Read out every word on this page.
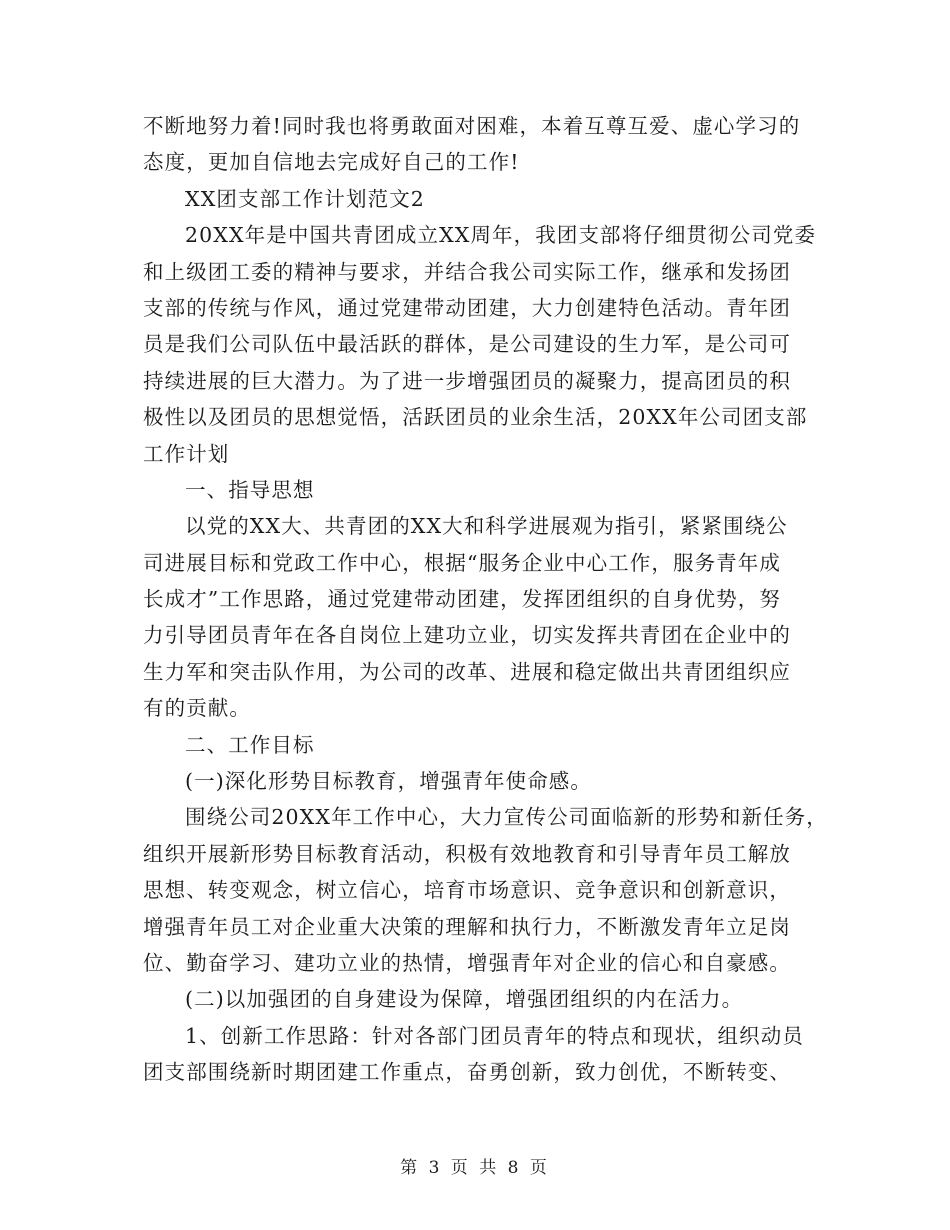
不断地努力着!同时我也将勇敢面对困难，本着互尊互爱、虚心学习的
态度，更加自信地去完成好自己的工作!
XX团支部工作计划范文2
20XX年是中国共青团成立XX周年，我团支部将仔细贯彻公司党委
和上级团工委的精神与要求，并结合我公司实际工作，继承和发扬团
支部的传统与作风，通过党建带动团建，大力创建特色活动。青年团
员是我们公司队伍中最活跃的群体，是公司建设的生力军，是公司可
持续进展的巨大潜力。为了进一步增强团员的凝聚力，提高团员的积
极性以及团员的思想觉悟，活跃团员的业余生活，20XX年公司团支部
工作计划
一、指导思想
以党的XX大、共青团的XX大和科学进展观为指引，紧紧围绕公
司进展目标和党政工作中心，根据“服务企业中心工作，服务青年成
长成才”工作思路，通过党建带动团建，发挥团组织的自身优势，努
力引导团员青年在各自岗位上建功立业，切实发挥共青团在企业中的
生力军和突击队作用，为公司的改革、进展和稳定做出共青团组织应
有的贡献。
二、工作目标
(一)深化形势目标教育，增强青年使命感。
围绕公司20XX年工作中心，大力宣传公司面临新的形势和新任务，
组织开展新形势目标教育活动，积极有效地教育和引导青年员工解放
思想、转变观念，树立信心，培育市场意识、竞争意识和创新意识，
增强青年员工对企业重大决策的理解和执行力，不断激发青年立足岗
位、勤奋学习、建功立业的热情，增强青年对企业的信心和自豪感。
(二)以加强团的自身建设为保障，增强团组织的内在活力。
1、创新工作思路：针对各部门团员青年的特点和现状，组织动员
团支部围绕新时期团建工作重点，奋勇创新，致力创优，不断转变、
第 3 页 共 8 页
